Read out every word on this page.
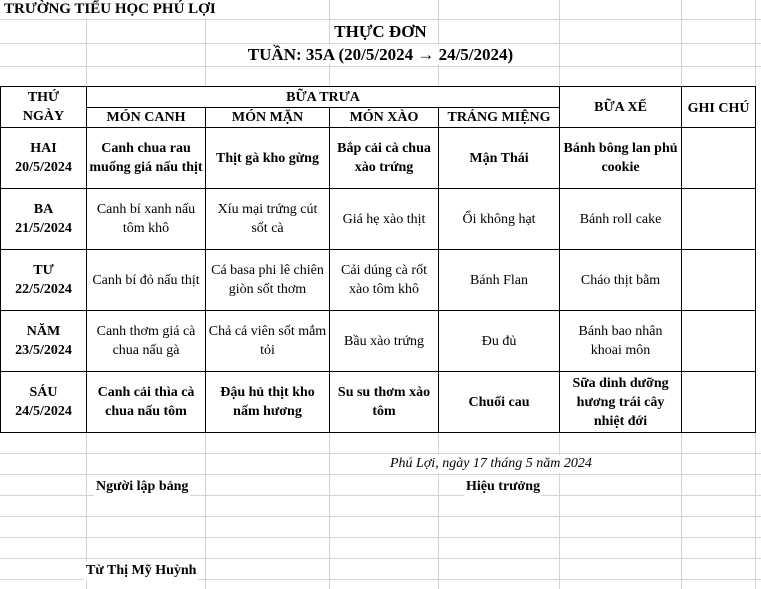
TRƯỜNG TIỂU HỌC PHÚ LỢI
THỰC ĐƠN
TUẦN: 35A (20/5/2024 → 24/5/2024)
THỨ
NGÀY	BỮA TRƯA				BỮA XẾ	GHI CHÚ
	MÓN CANH	MÓN MẶN	MÓN XÀO	TRÁNG MIỆNG		

HAI
20/5/2024	Canh chua rau muống giá nấu thịt	Thịt gà kho gừng	Bắp cải cà chua xào trứng	Mận Thái	Bánh bông lan phủ cookie	

BA
21/5/2024	Canh bí xanh nấu tôm khô	Xíu mại trứng cút sốt cà	Giá hẹ xào thịt	Ổi không hạt	Bánh roll cake	

TƯ
22/5/2024	Canh bí đỏ nấu thịt	Cá basa phi lê chiên giòn sốt thơm	Cải dúng cà rốt xào tôm khô	Bánh Flan	Cháo thịt bằm	

NĂM
23/5/2024	Canh thơm giá cà chua nấu gà	Chả cá viên sốt mắm tỏi	Bầu xào trứng	Đu đủ	Bánh bao nhân khoai môn	

SÁU
24/5/2024	Canh cải thìa cà chua nấu tôm	Đậu hủ thịt kho nấm hương	Su su thơm xào tôm	Chuối cau	Sữa dinh dưỡng hương trái cây nhiệt đới	
Phú Lợi, ngày 17 tháng 5 năm 2024
Người lập bảng	Hiệu trưởng
Từ Thị Mỹ Huỳnh
